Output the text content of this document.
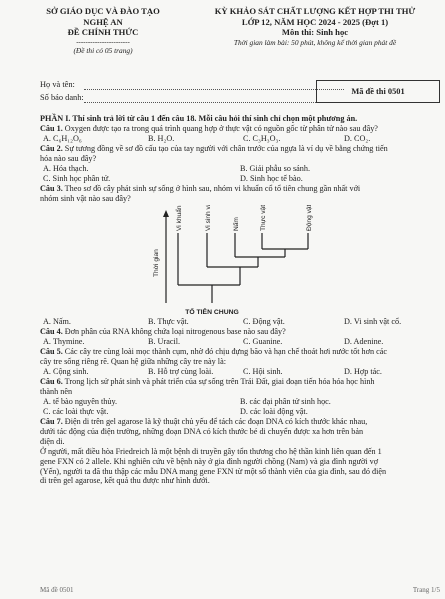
SỞ GIÁO DỤC VÀ ĐÀO TẠO
NGHỆ AN
ĐỀ CHÍNH THỨC
-----------------------
(Đề thi có 05 trang)
KỲ KHẢO SÁT CHẤT LƯỢNG KẾT HỢP THI THỬ
LỚP 12, NĂM HỌC 2024 - 2025 (Đợt 1)
Môn thi: Sinh học
Thời gian làm bài: 50 phút, không kể thời gian phát đề
Họ và tên:
Số báo danh:
Mã đề thi 0501

PHẦN I. Thí sinh trả lời từ câu 1 đến câu 18. Mỗi câu hỏi thí sinh chỉ chọn một phương án.

Câu 1. Oxygen được tạo ra trong quá trình quang hợp ở thực vật có nguồn gốc từ phân tử nào sau đây?

A. C₆H₁₂O₆	B. H₂O.	C. C₃H₃O₃.	D. CO₂.

Câu 2. Sự tương đồng về sơ đồ cấu tạo của tay người với chân trước của ngựa là ví dụ về bằng chứng tiến

hóa nào sau đây?

A. Hóa thạch.	B. Giải phẫu so sánh.
C. Sinh học phân tử.	D. Sinh học tế bào.

Câu 3. Theo sơ đồ cây phát sinh sự sống ở hình sau, nhóm vi khuẩn cổ tổ tiên chung gần nhất với

nhóm sinh vật nào sau đây?

Vi khuẩn	Vi sinh vật cổ	Nấm	Thực vật	Động vật
Thời gian
TỔ TIÊN CHUNG
A. Nấm.	B. Thực vật.	C. Động vật.	D. Vi sinh vật cổ.

Câu 4. Đơn phân của RNA không chứa loại nitrogenous base nào sau đây?

A. Thymine.	B. Uracil.	C. Guanine.	D. Adenine.

Câu 5. Các cây tre cùng loài mọc thành cụm, nhờ đó chịu đựng bão và hạn chế thoát hơi nước tốt hơn các

cây tre sống riêng rẽ. Quan hệ giữa những cây tre này là:

A. Cộng sinh.	B. Hỗ trợ cùng loài.	C. Hội sinh.	D. Hợp tác.

Câu 6. Trong lịch sử phát sinh và phát triển của sự sống trên Trái Đất, giai đoạn tiến hóa hóa học hình

thành nên

A. tế bào nguyên thủy.	B. các đại phân tử sinh học.
C. các loài thực vật.	D. các loài động vật.

Câu 7. Điện di trên gel agarose là kỹ thuật chủ yếu để tách các đoạn DNA có kích thước khác nhau,

dưới tác động của điện trường, những đoạn DNA có kích thước bé di chuyển được xa hơn trên bản

điện di.

Ở người, mất điều hòa Friedreich là một bệnh di truyền gây tổn thương cho hệ thần kinh liên quan đến 1

gene FXN có 2 allele. Khi nghiên cứu về bệnh này ở gia đình người chồng (Nam) và gia đình người vợ

(Yến), người ta đã thu thập các mẫu DNA mang gene FXN từ một số thành viên của gia đình, sau đó điện

di trên gel agarose, kết quả thu được như hình dưới.

Mã đề 0501	Trang 1/5
